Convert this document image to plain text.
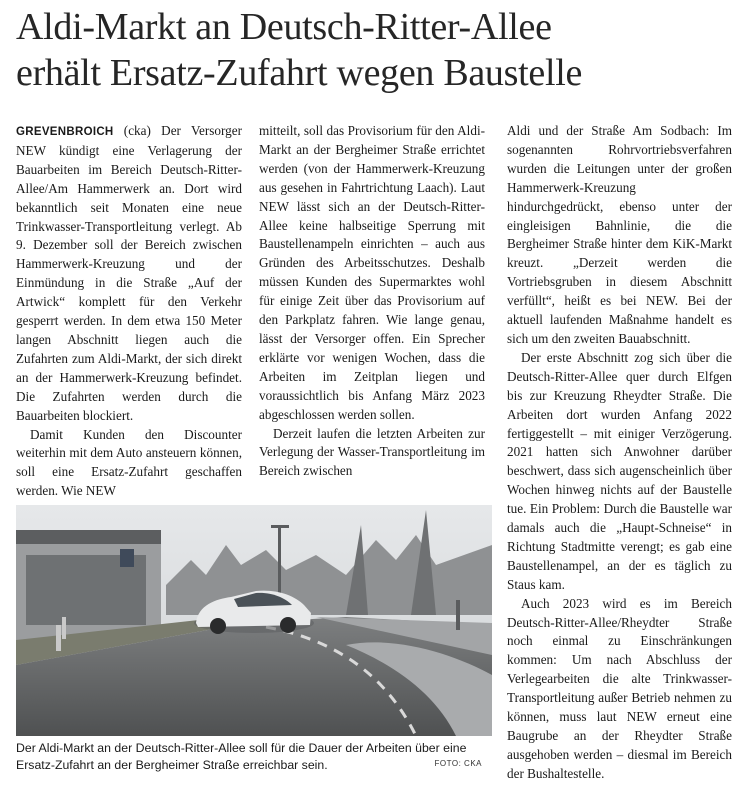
Aldi-Markt an Deutsch-Ritter-Allee
erhält Ersatz-Zufahrt wegen Baustelle

GREVENBROICH (cka) Der Versorger NEW kündigt eine Verlagerung der Bauarbeiten im Bereich Deutsch-Ritter-Allee/Am Hammerwerk an. Dort wird bekanntlich seit Monaten eine neue Trinkwasser-Transportleitung verlegt. Ab 9. Dezember soll der Bereich zwischen Hammerwerk-Kreuzung und der Einmündung in die Straße „Auf der Artwick“ komplett für den Verkehr gesperrt werden. In dem etwa 150 Meter langen Abschnitt liegen auch die Zufahrten zum Aldi-Markt, der sich direkt an der Hammerwerk-Kreuzung befindet. Die Zufahrten werden durch die Bauarbeiten blockiert.

Damit Kunden den Discounter weiterhin mit dem Auto ansteuern können, soll eine Ersatz-Zufahrt geschaffen werden. Wie NEW

mitteilt, soll das Provisorium für den Aldi-Markt an der Bergheimer Straße errichtet werden (von der Hammerwerk-Kreuzung aus gesehen in Fahrtrichtung Laach). Laut NEW lässt sich an der Deutsch-Ritter-Allee keine halbseitige Sperrung mit Baustellenampeln einrichten – auch aus Gründen des Arbeitsschutzes. Deshalb müssen Kunden des Supermarktes wohl für einige Zeit über das Provisorium auf den Parkplatz fahren. Wie lange genau, lässt der Versorger offen. Ein Sprecher erklärte vor wenigen Wochen, dass die Arbeiten im Zeitplan liegen und voraussichtlich bis Anfang März 2023 abgeschlossen werden sollen.

Derzeit laufen die letzten Arbeiten zur Verlegung der Wasser-Transportleitung im Bereich zwischen

Aldi und der Straße Am Sodbach: Im sogenannten Rohrvortriebsverfahren wurden die Leitungen unter der großen Hammerwerk-Kreuzung hindurchgedrückt, ebenso unter der eingleisigen Bahnlinie, die die Bergheimer Straße hinter dem KiK-Markt kreuzt. „Derzeit werden die Vortriebsgruben in diesem Abschnitt verfüllt“, heißt es bei NEW. Bei der aktuell laufenden Maßnahme handelt es sich um den zweiten Bauabschnitt.

Der erste Abschnitt zog sich über die Deutsch-Ritter-Allee quer durch Elfgen bis zur Kreuzung Rheydter Straße. Die Arbeiten dort wurden Anfang 2022 fertiggestellt – mit einiger Verzögerung. 2021 hatten sich Anwohner darüber beschwert, dass sich augenscheinlich über Wochen hinweg nichts auf der Baustelle tue. Ein Problem: Durch die Baustelle war damals auch die „Haupt-Schneise“ in Richtung Stadtmitte verengt; es gab eine Baustellenampel, an der es täglich zu Staus kam.

Auch 2023 wird es im Bereich Deutsch-Ritter-Allee/Rheydter Straße noch einmal zu Einschränkungen kommen: Um nach Abschluss der Verlegearbeiten die alte Trinkwasser-Transportleitung außer Betrieb nehmen zu können, muss laut NEW erneut eine Baugrube an der Rheydter Straße ausgehoben werden – diesmal im Bereich der Bushaltestelle.

Der Aldi-Markt an der Deutsch-Ritter-Allee soll für die Dauer der Arbeiten über eine Ersatz-Zufahrt an der Bergheimer Straße erreichbar sein.	FOTO: CKA
